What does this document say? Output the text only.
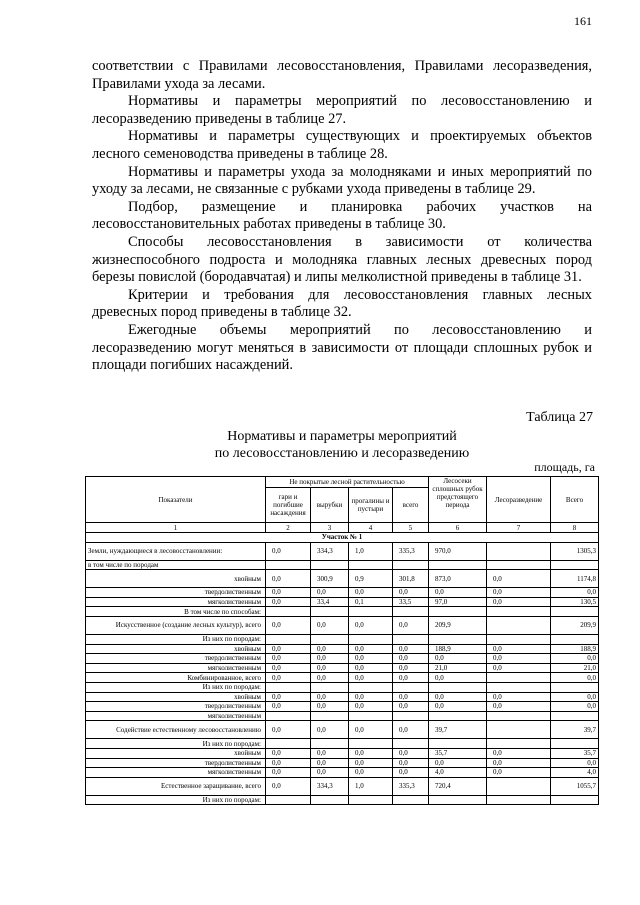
161

соответствии с Правилами лесовосстановления, Правилами лесоразведения, Правилами ухода за лесами.

Нормативы и параметры мероприятий по лесовосстановлению и лесоразведению приведены в таблице 27.

Нормативы и параметры существующих и проектируемых объектов лесного семеноводства приведены в таблице 28.

Нормативы и параметры ухода за молодняками и иных мероприятий по уходу за лесами, не связанные с рубками ухода приведены в таблице 29.

Подбор, размещение и планировка рабочих участков на лесовосстановительных работах приведены в таблице 30.

Способы лесовосстановления в зависимости от количества жизнеспособного подроста и молодняка главных лесных древесных пород березы повислой (бородавчатая) и липы мелколистной приведены в таблице 31.

Критерии и требования для лесовосстановления главных лесных древесных пород приведены в таблице 32.

Ежегодные объемы мероприятий по лесовосстановлению и лесоразведению могут меняться в зависимости от площади сплошных рубок и площади погибших насаждений.

Таблица 27
Нормативы и параметры мероприятий
по лесовосстановлению и лесоразведению
площадь, га
Показатели	Не покрытые лесной растительностью				Лесосеки сплошных рубок предстоящего периода	Лесоразведение	Всего
	гари и погибшие насаждения	вырубки	прогалины и пустыри	всего			
1	2	3	4	5	6	7	8
Участок № 1							
Земли, нуждающиеся в лесовосстановлении:	0,0	334,3	1,0	335,3	970,0		1305,3
в том числе по породам							
хвойным	0,0	300,9	0,9	301,8	873,0	0,0	1174,8
твердолиственным	0,0	0,0	0,0	0,0	0,0	0,0	0,0
мягколиственным	0,0	33,4	0,1	33,5	97,0	0,0	130,5
В том числе по способам:							
Искусственное (создание лесных культур), всего	0,0	0,0	0,0	0,0	209,9		209,9
Из них по породам:							
хвойным	0,0	0,0	0,0	0,0	188,9	0,0	188,9
твердолиственным	0,0	0,0	0,0	0,0	0,0	0,0	0,0
мягколиственным	0,0	0,0	0,0	0,0	21,0	0,0	21,0
Комбинированное, всего	0,0	0,0	0,0	0,0	0,0		0,0
Из них по породам:							
хвойным	0,0	0,0	0,0	0,0	0,0	0,0	0,0
твердолиственным	0,0	0,0	0,0	0,0	0,0	0,0	0,0
мягколиственным							
Содействие естественному лесовосстановлению	0,0	0,0	0,0	0,0	39,7		39,7
Из них по породам:							
хвойным	0,0	0,0	0,0	0,0	35,7	0,0	35,7
твердолиственным	0,0	0,0	0,0	0,0	0,0	0,0	0,0
мягколиственным	0,0	0,0	0,0	0,0	4,0	0,0	4,0
Естественное заращивание, всего	0,0	334,3	1,0	335,3	720,4		1055,7
Из них по породам:							
